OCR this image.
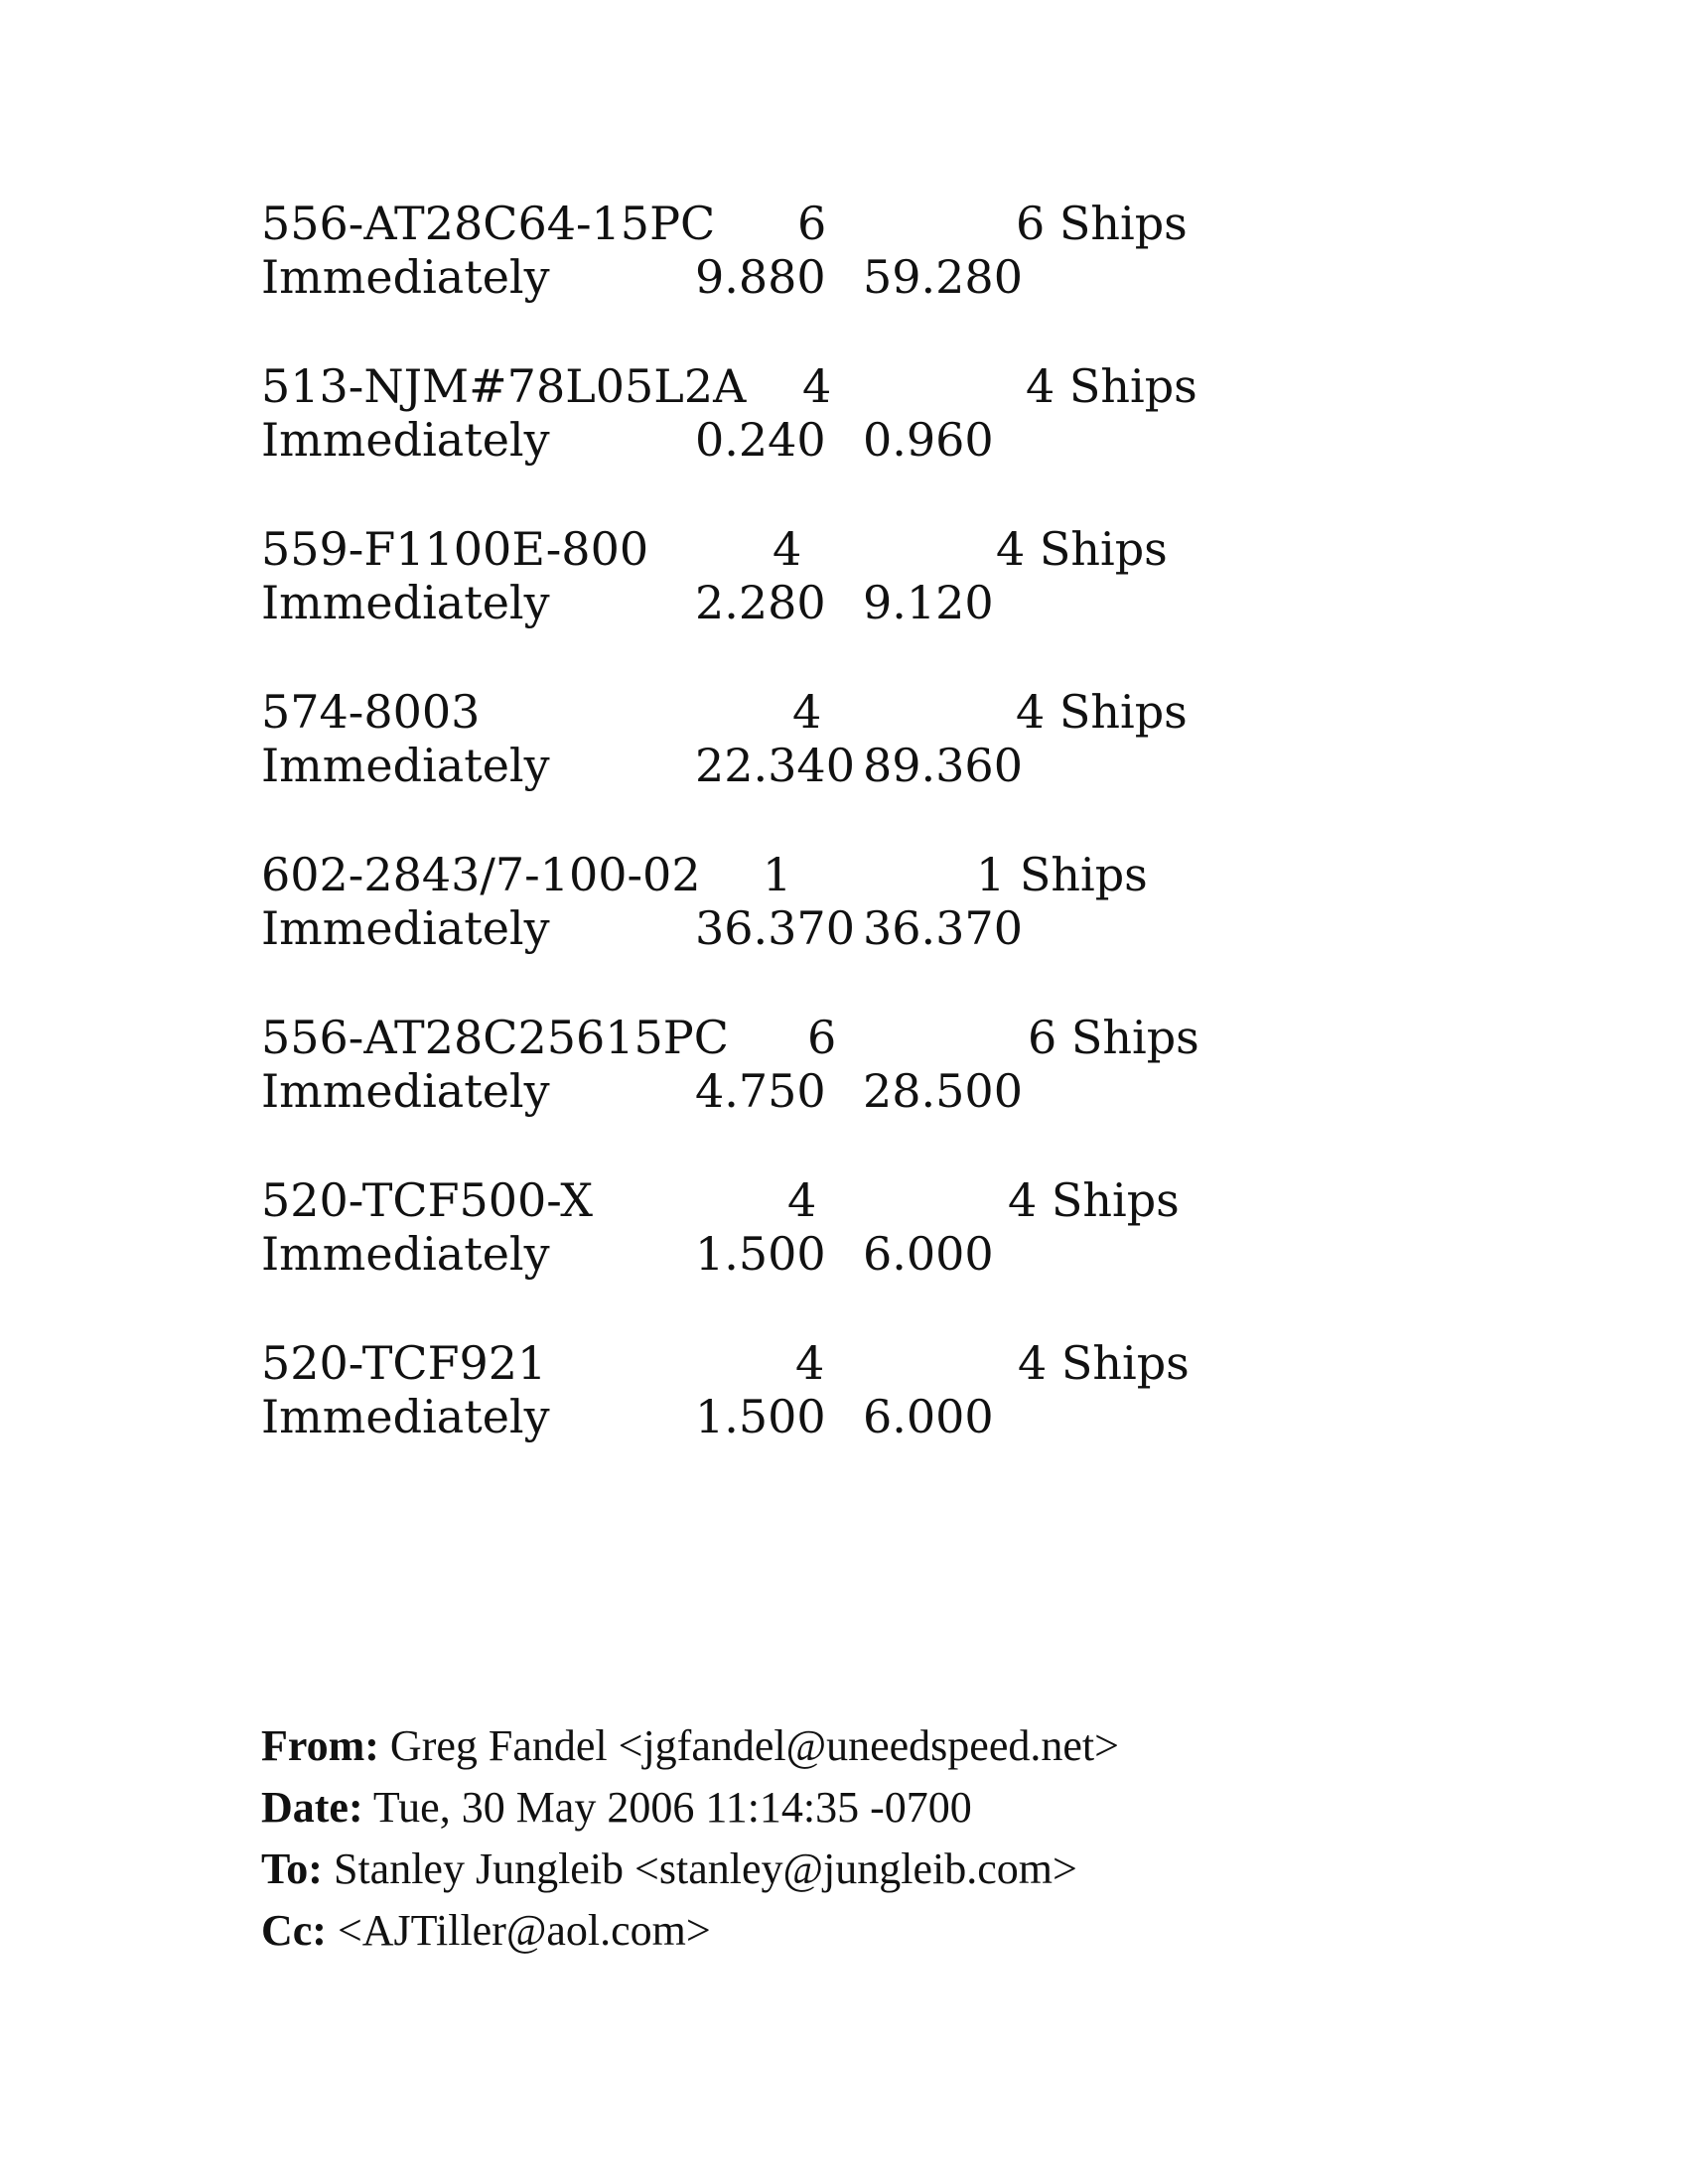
556-AT28C64-15PC 6	6 Ships
Immediately	9.880 59.280
513-NJM#78L05L2A 4	4 Ships
Immediately	0.240 0.960
559-F1100E-800	4	4 Ships
Immediately	2.280 9.120
574-8003	4	4 Ships
Immediately	22.340 89.360
602-2843/7-100-02 1	1 Ships
Immediately	36.370 36.370
556-AT28C25615PC 6	6 Ships
Immediately	4.750 28.500
520-TCF500-X	4	4 Ships
Immediately	1.500 6.000
520-TCF921	4	4 Ships
Immediately	1.500 6.000
From: Greg Fandel <jgfandel@uneedspeed.net>
Date: Tue, 30 May 2006 11:14:35 -0700
To: Stanley Jungleib <stanley@jungleib.com>
Cc: <AJTiller@aol.com>
